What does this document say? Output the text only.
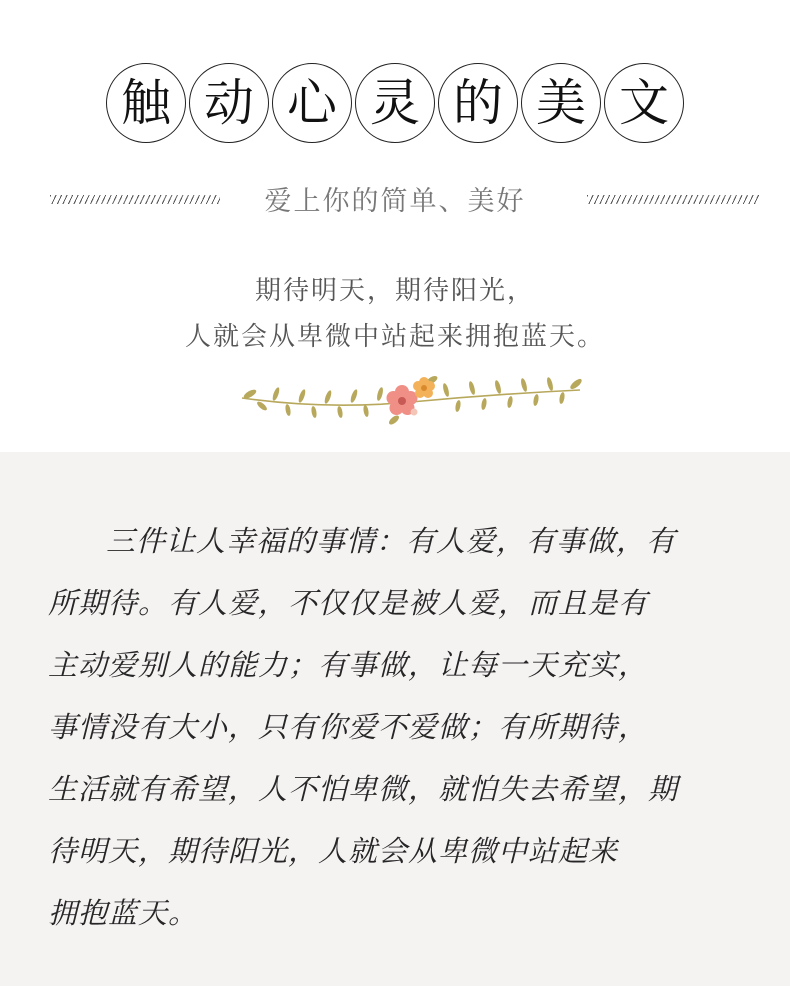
触 动 心 灵 的 美 文
爱上你的简单、美好
期待明天，期待阳光，
人就会从卑微中站起来拥抱蓝天。
三件让人幸福的事情：有人爱，有事做，有
所期待。有人爱，不仅仅是被人爱，而且是有
主动爱别人的能力；有事做，让每一天充实，
事情没有大小，只有你爱不爱做；有所期待，
生活就有希望，人不怕卑微，就怕失去希望，期
待明天，期待阳光，人就会从卑微中站起来
拥抱蓝天。
